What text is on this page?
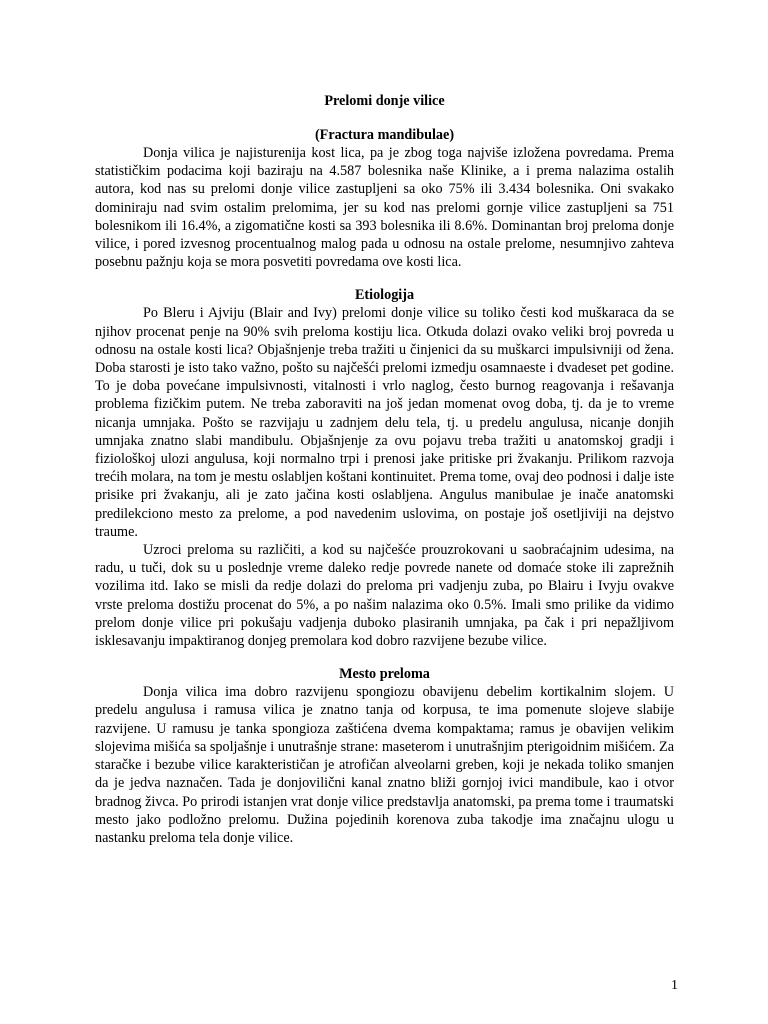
Prelomi donje vilice
(Fractura mandibulae)

Donja vilica je najisturenija kost lica, pa je zbog toga najviše izložena povredama. Prema statističkim podacima koji baziraju na 4.587 bolesnika naše Klinike, a i prema nalazima ostalih autora, kod nas su prelomi donje vilice zastupljeni sa oko 75% ili 3.434 bolesnika. Oni svakako dominiraju nad svim ostalim prelomima, jer su kod nas prelomi gornje vilice zastupljeni sa 751 bolesnikom ili 16.4%, a zigomatične kosti sa 393 bolesnika ili 8.6%. Dominantan broj preloma donje vilice, i pored izvesnog procentualnog malog pada u odnosu na ostale prelome, nesumnjivo zahteva posebnu pažnju koja se mora posvetiti povredama ove kosti lica.

Etiologija

Po Bleru i Ajviju (Blair and Ivy) prelomi donje vilice su toliko česti kod muškaraca da se njihov procenat penje na 90% svih preloma kostiju lica. Otkuda dolazi ovako veliki broj povreda u odnosu na ostale kosti lica? Objašnjenje treba tražiti u činjenici da su muškarci impulsivniji od žena. Doba starosti je isto tako važno, pošto su najčešći prelomi izmedju osamnaeste i dvadeset pet godine. To je doba povećane impulsivnosti, vitalnosti i vrlo naglog, često burnog reagovanja i rešavanja problema fizičkim putem. Ne treba zaboraviti na još jedan momenat ovog doba, tj. da je to vreme nicanja umnjaka. Pošto se razvijaju u zadnjem delu tela, tj. u predelu angulusa, nicanje donjih umnjaka znatno slabi mandibulu. Objašnjenje za ovu pojavu treba tražiti u anatomskoj gradji i fiziološkoj ulozi angulusa, koji normalno trpi i prenosi jake pritiske pri žvakanju. Prilikom razvoja trećih molara, na tom je mestu oslabljen koštani kontinuitet. Prema tome, ovaj deo podnosi i dalje iste prisike pri žvakanju, ali je zato jačina kosti oslabljena. Angulus manibulae je inače anatomski predilekciono mesto za prelome, a pod navedenim uslovima, on postaje još osetljiviji na dejstvo traume.

Uzroci preloma su različiti, a kod su najčešće prouzrokovani u saobraćajnim udesima, na radu, u tuči, dok su u poslednje vreme daleko redje povrede nanete od domaće stoke ili zaprežnih vozilima itd. Iako se misli da redje dolazi do preloma pri vadjenju zuba, po Blairu i Ivyju ovakve vrste preloma dostižu procenat do 5%, a po našim nalazima oko 0.5%. Imali smo prilike da vidimo prelom donje vilice pri pokušaju vadjenja duboko plasiranih umnjaka, pa čak i pri nepažljivom isklesavanju impaktiranog donjeg premolara kod dobro razvijene bezube vilice.

Mesto preloma

Donja vilica ima dobro razvijenu spongiozu obavijenu debelim kortikalnim slojem. U predelu angulusa i ramusa vilica je znatno tanja od korpusa, te ima pomenute slojeve slabije razvijene. U ramusu je tanka spongioza zaštićena dvema kompaktama; ramus je obavijen velikim slojevima mišića sa spoljašnje i unutrašnje strane: maseterom i unutrašnjim pterigoidnim mišićem. Za staračke i bezube vilice karakterističan je atrofičan alveolarni greben, koji je nekada toliko smanjen da je jedva naznačen. Tada je donjovilični kanal znatno bliži gornjoj ivici mandibule, kao i otvor bradnog živca. Po prirodi istanjen vrat donje vilice predstavlja anatomski, pa prema tome i traumatski mesto jako podložno prelomu. Dužina pojedinih korenova zuba takodje ima značajnu ulogu u nastanku preloma tela donje vilice.

1
